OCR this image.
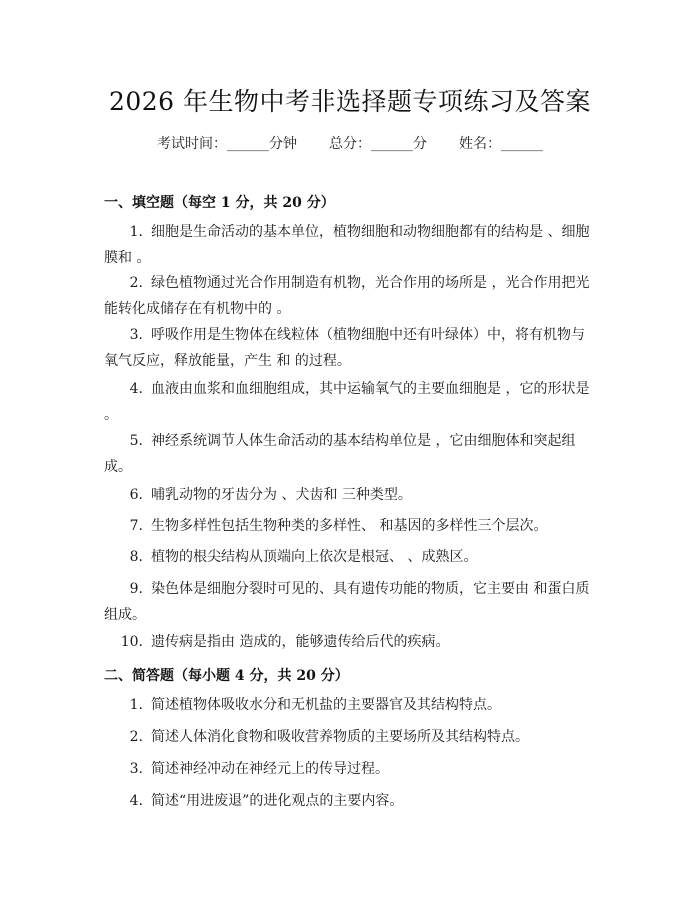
2026 年生物中考非选择题专项练习及答案
考试时间：______分钟 总分：______分 姓名：______
一、填空题（每空 1 分，共 20 分）
1. 细胞是生命活动的基本单位，植物细胞和动物细胞都有的结构是 、细胞膜和 。
2. 绿色植物通过光合作用制造有机物，光合作用的场所是 ，光合作用把光能转化成储存在有机物中的 。
3. 呼吸作用是生物体在线粒体（植物细胞中还有叶绿体）中，将有机物与氧气反应，释放能量，产生 和 的过程。
4. 血液由血浆和血细胞组成，其中运输氧气的主要血细胞是 ，它的形状是 。
5. 神经系统调节人体生命活动的基本结构单位是 ，它由细胞体和突起组成。
6. 哺乳动物的牙齿分为 、犬齿和 三种类型。
7. 生物多样性包括生物种类的多样性、 和基因的多样性三个层次。
8. 植物的根尖结构从顶端向上依次是根冠、 、成熟区。
9. 染色体是细胞分裂时可见的、具有遗传功能的物质，它主要由 和蛋白质组成。
10. 遗传病是指由 造成的，能够遗传给后代的疾病。
二、简答题（每小题 4 分，共 20 分）
1. 简述植物体吸收水分和无机盐的主要器官及其结构特点。
2. 简述人体消化食物和吸收营养物质的主要场所及其结构特点。
3. 简述神经冲动在神经元上的传导过程。
4. 简述“用进废退”的进化观点的主要内容。
